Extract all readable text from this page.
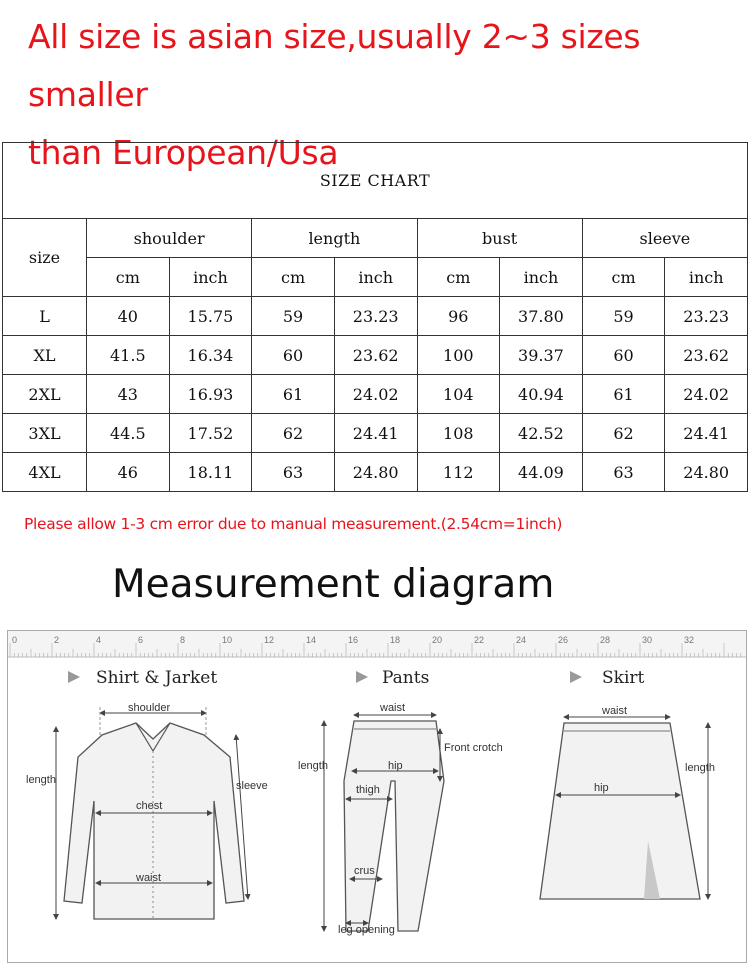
All size is asian size,usually 2~3 sizes smaller
than European/Usa
SIZE CHART								
size	shoulder		length		bust		sleeve	
	cm	inch	cm	inch	cm	inch	cm	inch
L	40	15.75	59	23.23	96	37.80	59	23.23
XL	41.5	16.34	60	23.62	100	39.37	60	23.62
2XL	43	16.93	61	24.02	104	40.94	61	24.02
3XL	44.5	17.52	62	24.41	108	42.52	62	24.41
4XL	46	18.11	63	24.80	112	44.09	63	24.80
Please allow 1-3 cm error due to manual measurement.(2.54cm=1inch)
Measurement diagram
0	2	4	6	8	10	12	14	16	18	20	22	24	26	28	30	32
Shirt & Jarket
shoulder
length	sleeve
chest
waist
Pants
waist
length
Front crotch
hip
thigh
crus
leg opening
Skirt
waist
length
hip
